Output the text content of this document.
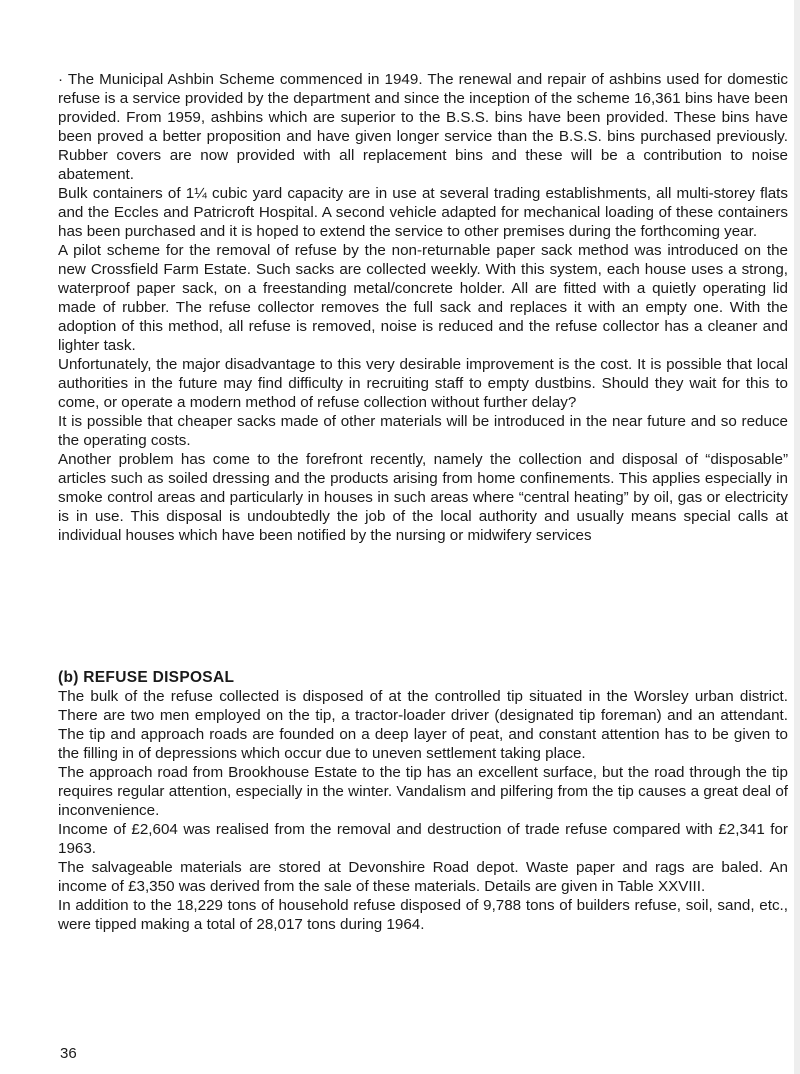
· The Municipal Ashbin Scheme commenced in 1949. The renewal and repair of ashbins used for domestic refuse is a service provided by the department and since the inception of the scheme 16,361 bins have been provided. From 1959, ashbins which are superior to the B.S.S. bins have been provided. These bins have been proved a better proposition and have given longer service than the B.S.S. bins purchased previously. Rubber covers are now provided with all replacement bins and these will be a contribution to noise abatement.

Bulk containers of 1¼ cubic yard capacity are in use at several trading establishments, all multi-storey flats and the Eccles and Patricroft Hospital. A second vehicle adapted for mechanical loading of these containers has been purchased and it is hoped to extend the service to other premises during the forthcoming year.

A pilot scheme for the removal of refuse by the non-returnable paper sack method was introduced on the new Crossfield Farm Estate. Such sacks are collected weekly. With this system, each house uses a strong, waterproof paper sack, on a freestanding metal/concrete holder. All are fitted with a quietly operating lid made of rubber. The refuse collector removes the full sack and replaces it with an empty one. With the adoption of this method, all refuse is removed, noise is reduced and the refuse collector has a cleaner and lighter task.

Unfortunately, the major disadvantage to this very desirable improvement is the cost. It is possible that local authorities in the future may find difficulty in recruiting staff to empty dustbins. Should they wait for this to come, or operate a modern method of refuse collection without further delay?

It is possible that cheaper sacks made of other materials will be introduced in the near future and so reduce the operating costs.

Another problem has come to the forefront recently, namely the collection and disposal of “disposable” articles such as soiled dressing and the products arising from home confinements. This applies especially in smoke control areas and particularly in houses in such areas where “central heating” by oil, gas or electricity is in use. This disposal is undoubtedly the job of the local authority and usually means special calls at individual houses which have been notified by the nursing or midwifery services

(b) REFUSE DISPOSAL

The bulk of the refuse collected is disposed of at the controlled tip situated in the Worsley urban district. There are two men employed on the tip, a tractor-loader driver (designated tip foreman) and an attendant. The tip and approach roads are founded on a deep layer of peat, and constant attention has to be given to the filling in of depressions which occur due to uneven settlement taking place.

The approach road from Brookhouse Estate to the tip has an excellent surface, but the road through the tip requires regular attention, especially in the winter. Vandalism and pilfering from the tip causes a great deal of inconvenience.

Income of £2,604 was realised from the removal and destruction of trade refuse compared with £2,341 for 1963.

The salvageable materials are stored at Devonshire Road depot. Waste paper and rags are baled. An income of £3,350 was derived from the sale of these materials. Details are given in Table XXVIII.

In addition to the 18,229 tons of household refuse disposed of 9,788 tons of builders refuse, soil, sand, etc., were tipped making a total of 28,017 tons during 1964.

36
